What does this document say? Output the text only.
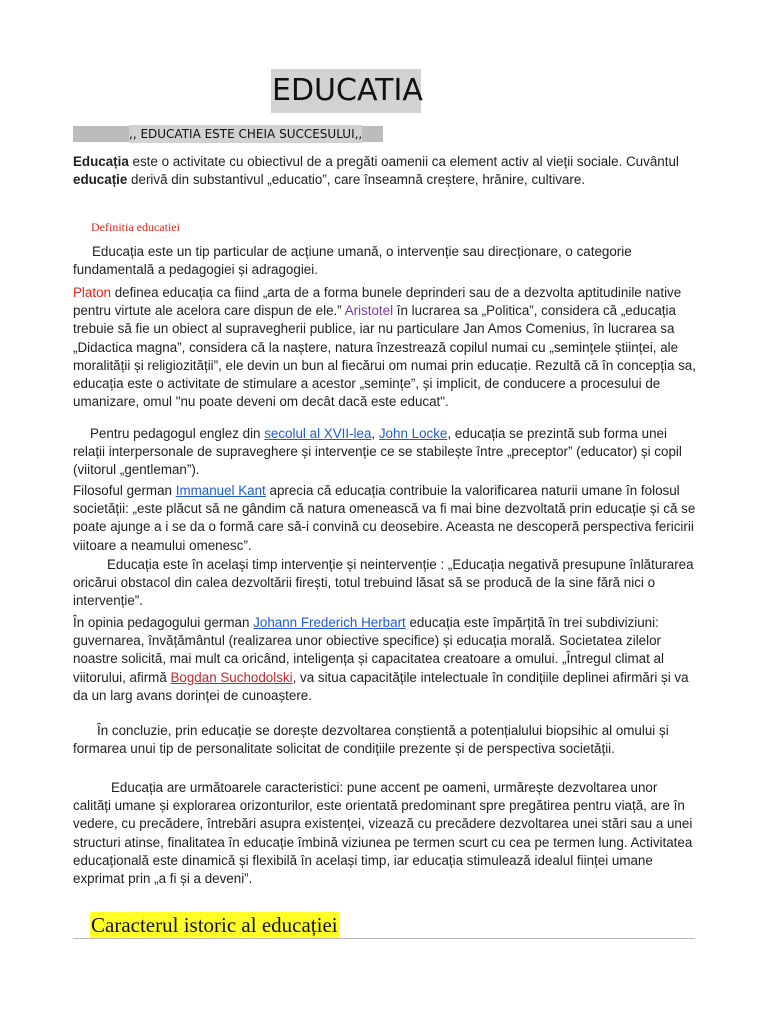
EDUCATIA
,, EDUCATIA ESTE CHEIA SUCCESULUI,,

Educația este o activitate cu obiectivul de a pregăti oamenii ca element activ al vieții sociale. Cuvântul educație derivă din substantivul „educatio”, care înseamnă creștere, hrănire, cultivare.

Definitia educatiei

Educația este un tip particular de acțiune umană, o intervenție sau direcționare, o categorie fundamentală a pedagogiei și adragogiei.

Platon definea educația ca fiind „arta de a forma bunele deprinderi sau de a dezvolta aptitudinile native pentru virtute ale acelora care dispun de ele.” Aristotel în lucrarea sa „Politica”, considera că „educația trebuie să fie un obiect al supravegherii publice, iar nu particulare Jan Amos Comenius, în lucrarea sa „Didactica magna”, considera că la naștere, natura înzestrează copilul numai cu „semințele științei, ale moralității și religiozității”, ele devin un bun al fiecărui om numai prin educație. Rezultă că în concepția sa, educația este o activitate de stimulare a acestor „semințe”, și implicit, de conducere a procesului de umanizare, omul "nu poate deveni om decât dacă este educat".

Pentru pedagogul englez din secolul al XVII-lea, John Locke, educația se prezintă sub forma unei relații interpersonale de supraveghere și intervenție ce se stabilește între „preceptor” (educator) și copil (viitorul „gentleman”).

Filosoful german Immanuel Kant aprecia că educația contribuie la valorificarea naturii umane în folosul societății: „este plăcut să ne gândim că natura omenească va fi mai bine dezvoltată prin educație și că se poate ajunge a i se da o formă care să-i convină cu deosebire. Aceasta ne descoperă perspectiva fericirii viitoare a neamului omenesc”.

Educația este în același timp intervenție și neintervenție : „Educația negativă presupune înlăturarea oricărui obstacol din calea dezvoltării firești, totul trebuind lăsat să se producă de la sine fără nici o intervenție”.

În opinia pedagogului german Johann Frederich Herbart educația este împărțită în trei subdiviziuni: guvernarea, învățământul (realizarea unor obiective specifice) și educația morală. Societatea zilelor noastre solicită, mai mult ca oricând, inteligența și capacitatea creatoare a omului. „Întregul climat al viitorului, afirmă Bogdan Suchodolski, va situa capacitățile intelectuale în condițiile deplinei afirmări și va da un larg avans dorinței de cunoaștere.

În concluzie, prin educație se dorește dezvoltarea conștientă a potențialului biopsihic al omului și formarea unui tip de personalitate solicitat de condițiile prezente și de perspectiva societății.

Educația are următoarele caracteristici: pune accent pe oameni, urmărește dezvoltarea unor calități umane și explorarea orizonturilor, este orientată predominant spre pregătirea pentru viață, are în vedere, cu precădere, întrebări asupra existenței, vizează cu precădere dezvoltarea unei stări sau a unei structuri atinse, finalitatea în educație îmbină viziunea pe termen scurt cu cea pe termen lung. Activitatea educațională este dinamică și flexibilă în același timp, iar educația stimulează idealul ființei umane exprimat prin „a fi și a deveni”.

Caracterul istoric al educației
